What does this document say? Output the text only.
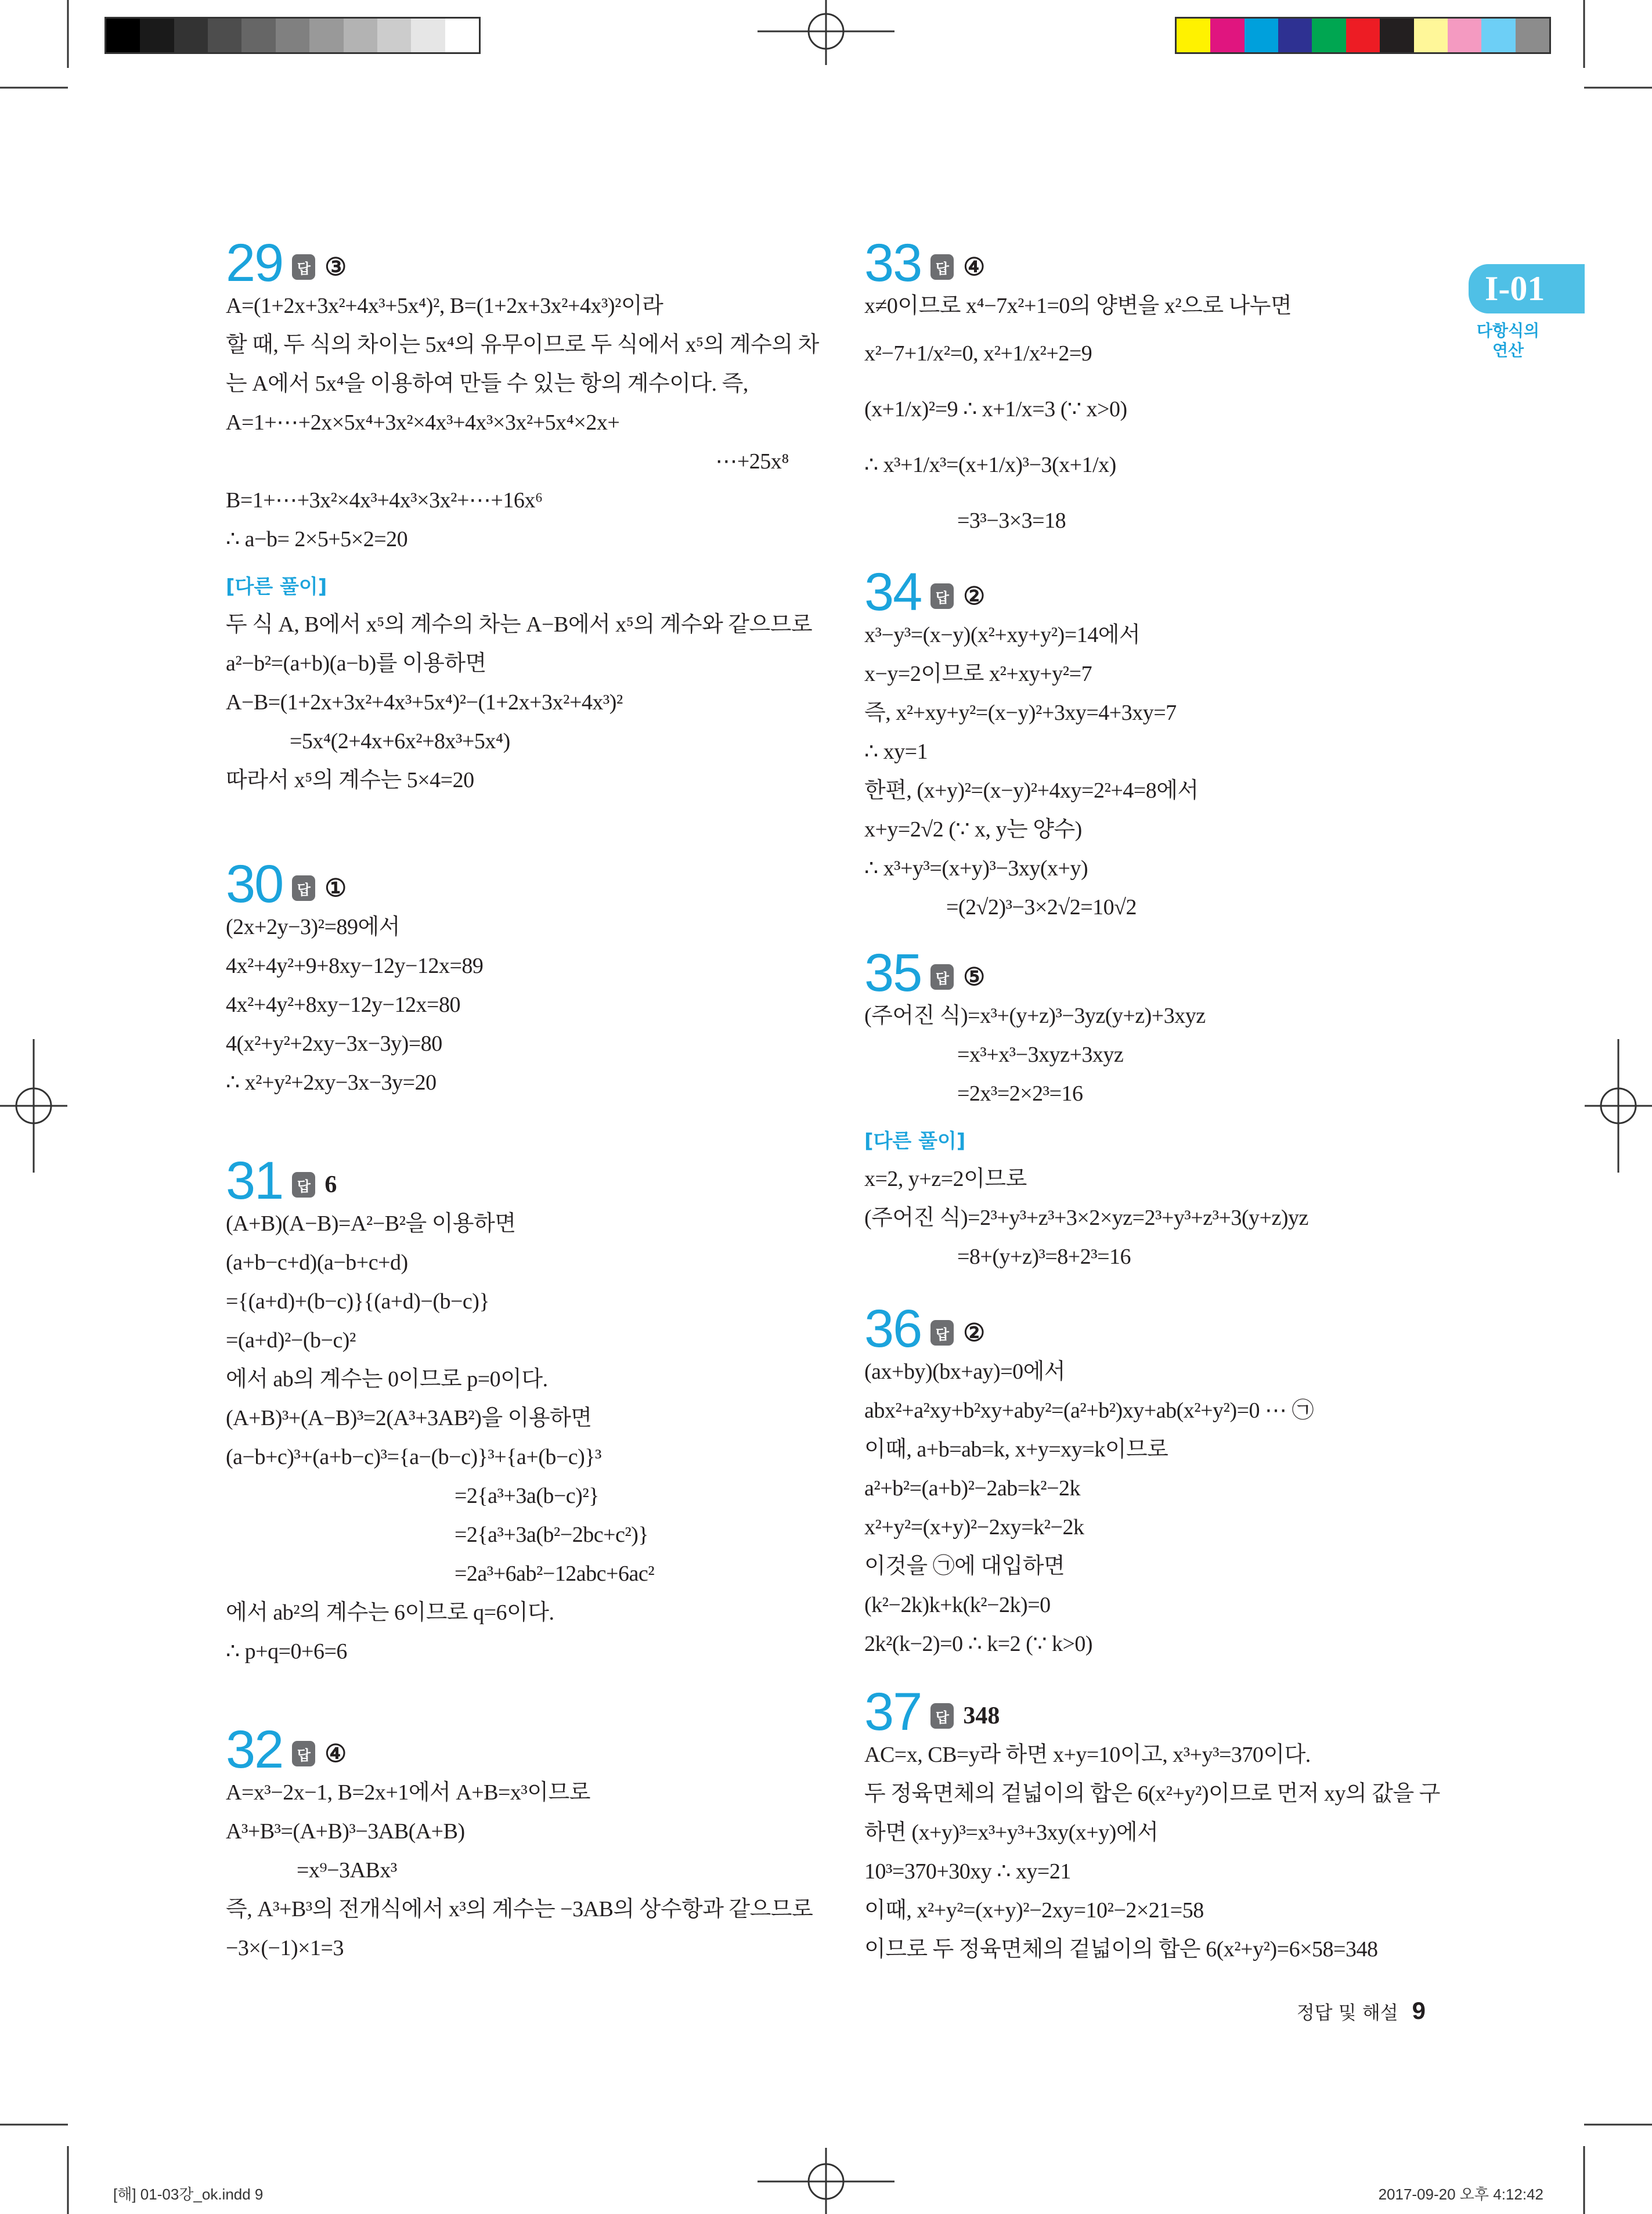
29	답 ③
A=(1+2x+3x²+4x³+5x⁴)², B=(1+2x+3x²+4x³)²이라
할 때, 두 식의 차이는 5x⁴의 유무이므로 두 식에서 x⁵의 계수의 차
는 A에서 5x⁴을 이용하여 만들 수 있는 항의 계수이다. 즉,
A=1+⋯+2x×5x⁴+3x²×4x³+4x³×3x²+5x⁴×2x+
⋯+25x⁸
B=1+⋯+3x²×4x³+4x³×3x²+⋯+16x⁶
∴ a−b= 2×5+5×2=20
[다른 풀이]
두 식 A, B에서 x⁵의 계수의 차는 A−B에서 x⁵의 계수와 같으므로
a²−b²=(a+b)(a−b)를 이용하면
A−B=(1+2x+3x²+4x³+5x⁴)²−(1+2x+3x²+4x³)²
=5x⁴(2+4x+6x²+8x³+5x⁴)
따라서 x⁵의 계수는 5×4=20
30	답 ①
(2x+2y−3)²=89에서
4x²+4y²+9+8xy−12y−12x=89
4x²+4y²+8xy−12y−12x=80
4(x²+y²+2xy−3x−3y)=80
∴ x²+y²+2xy−3x−3y=20
31	답 6
(A+B)(A−B)=A²−B²을 이용하면
(a+b−c+d)(a−b+c+d)
={(a+d)+(b−c)}{(a+d)−(b−c)}
=(a+d)²−(b−c)²
에서 ab의 계수는 0이므로 p=0이다.
(A+B)³+(A−B)³=2(A³+3AB²)을 이용하면
(a−b+c)³+(a+b−c)³={a−(b−c)}³+{a+(b−c)}³
=2{a³+3a(b−c)²}
=2{a³+3a(b²−2bc+c²)}
=2a³+6ab²−12abc+6ac²
에서 ab²의 계수는 6이므로 q=6이다.
∴ p+q=0+6=6
32	답 ④
A=x³−2x−1, B=2x+1에서 A+B=x³이므로
A³+B³=(A+B)³−3AB(A+B)
=x⁹−3ABx³
즉, A³+B³의 전개식에서 x³의 계수는 −3AB의 상수항과 같으므로
−3×(−1)×1=3
33	답 ④
x≠0이므로 x⁴−7x²+1=0의 양변을 x²으로 나누면
x²−7+1/x²=0, x²+1/x²+2=9
(x+1/x)²=9 ∴ x+1/x=3 (∵ x>0)
∴ x³+1/x³=(x+1/x)³−3(x+1/x)
=3³−3×3=18
34	답 ②
x³−y³=(x−y)(x²+xy+y²)=14에서
x−y=2이므로 x²+xy+y²=7
즉, x²+xy+y²=(x−y)²+3xy=4+3xy=7
∴ xy=1
한편, (x+y)²=(x−y)²+4xy=2²+4=8에서
x+y=2√2 (∵ x, y는 양수)
∴ x³+y³=(x+y)³−3xy(x+y)
=(2√2)³−3×2√2=10√2
35	답 ⑤
(주어진 식)=x³+(y+z)³−3yz(y+z)+3xyz
=x³+x³−3xyz+3xyz
=2x³=2×2³=16
[다른 풀이]
x=2, y+z=2이므로
(주어진 식)=2³+y³+z³+3×2×yz=2³+y³+z³+3(y+z)yz
=8+(y+z)³=8+2³=16
36	답 ②
(ax+by)(bx+ay)=0에서
abx²+a²xy+b²xy+aby²=(a²+b²)xy+ab(x²+y²)=0 ⋯ ㉠
이때, a+b=ab=k, x+y=xy=k이므로
a²+b²=(a+b)²−2ab=k²−2k
x²+y²=(x+y)²−2xy=k²−2k
이것을 ㉠에 대입하면
(k²−2k)k+k(k²−2k)=0
2k²(k−2)=0 ∴ k=2 (∵ k>0)
37	답 348
AC=x, CB=y라 하면 x+y=10이고, x³+y³=370이다.
두 정육면체의 겉넓이의 합은 6(x²+y²)이므로 먼저 xy의 값을 구
하면 (x+y)³=x³+y³+3xy(x+y)에서
10³=370+30xy ∴ xy=21
이때, x²+y²=(x+y)²−2xy=10²−2×21=58
이므로 두 정육면체의 겉넓이의 합은 6(x²+y²)=6×58=348
I-01
다항식의
연산
정답 및 해설 9
[해] 01-03강_ok.indd 9	2017-09-20 오후 4:12:42
